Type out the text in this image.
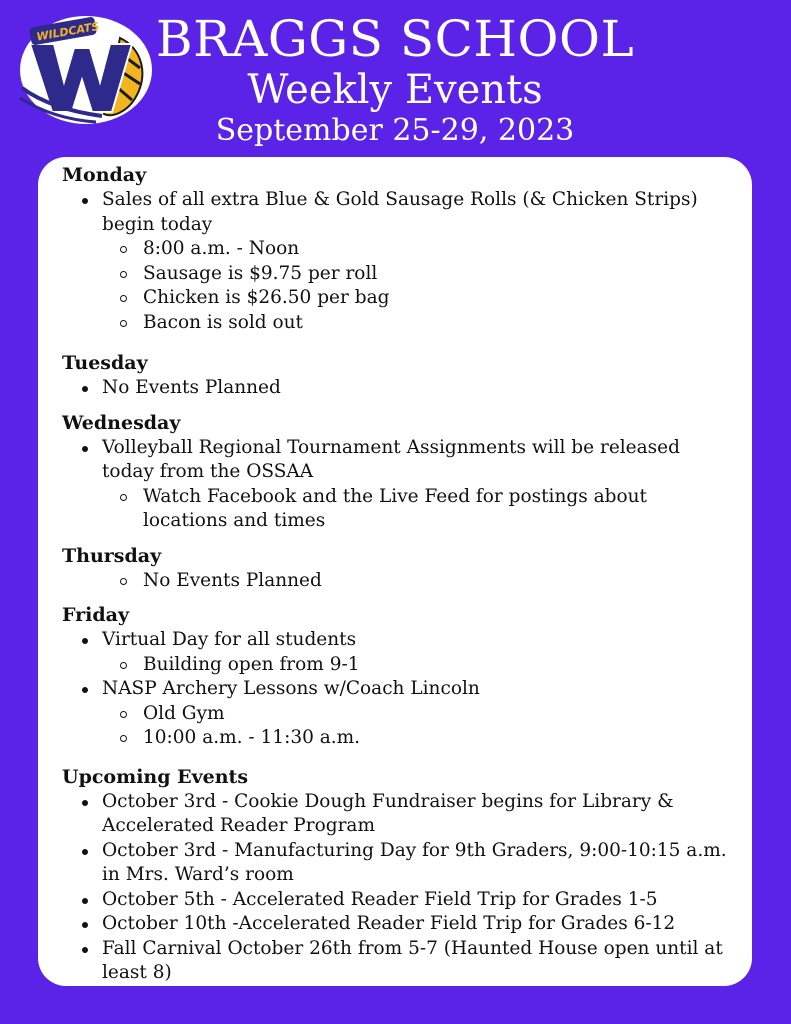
WILDCATS BRAGGS SCHOOL
Weekly Events
September 25-29, 2023
Monday
Sales of all extra Blue & Gold Sausage Rolls (& Chicken Strips) begin today
8:00 a.m. - Noon
Sausage is $9.75 per roll
Chicken is $26.50 per bag
Bacon is sold out
Tuesday
No Events Planned
Wednesday
Volleyball Regional Tournament Assignments will be released today from the OSSAA
Watch Facebook and the Live Feed for postings about locations and times
Thursday
No Events Planned
Friday
Virtual Day for all students
Building open from 9-1
NASP Archery Lessons w/Coach Lincoln
Old Gym
10:00 a.m. - 11:30 a.m.
Upcoming Events
October 3rd - Cookie Dough Fundraiser begins for Library & Accelerated Reader Program
October 3rd - Manufacturing Day for 9th Graders, 9:00-10:15 a.m. in Mrs. Ward’s room
October 5th - Accelerated Reader Field Trip for Grades 1-5
October 10th -Accelerated Reader Field Trip for Grades 6-12
Fall Carnival October 26th from 5-7 (Haunted House open until at least 8)
